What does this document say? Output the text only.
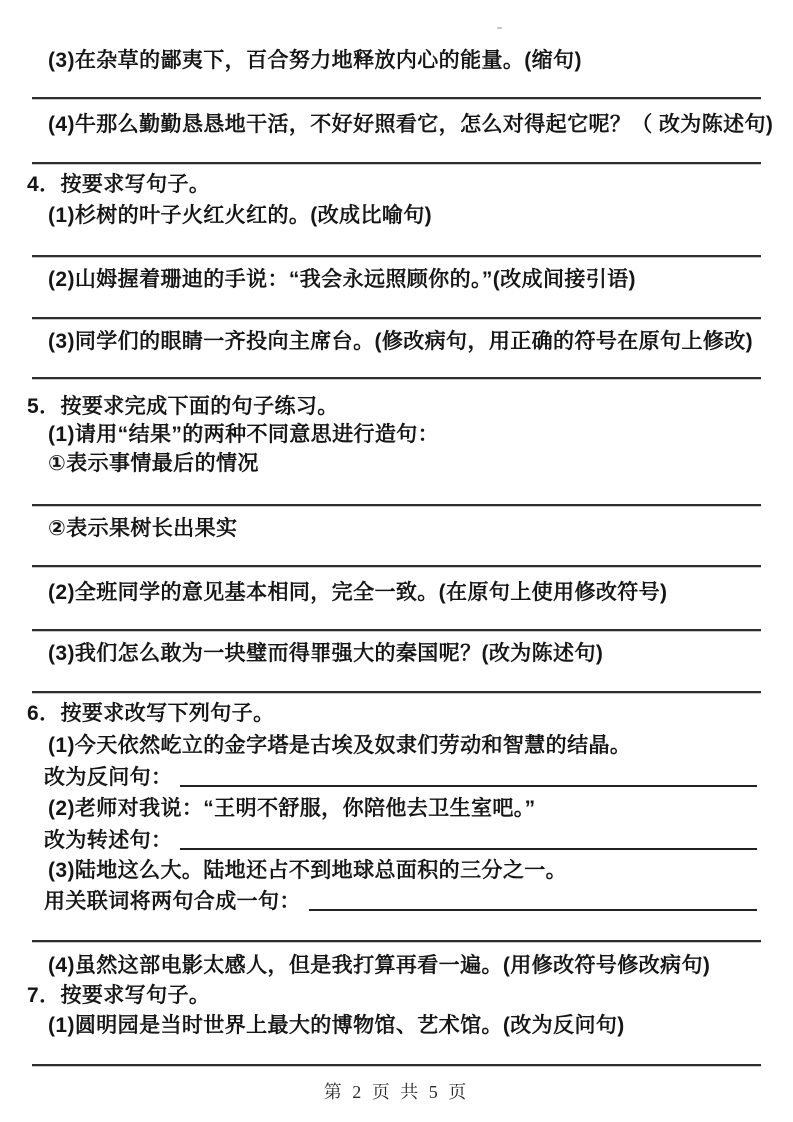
(3)在杂草的鄙夷下，百合努力地释放内心的能量。(缩句)
(4)牛那么勤勤恳恳地干活，不好好照看它，怎么对得起它呢？（ 改为陈述句)
4．按要求写句子。
(1)杉树的叶子火红火红的。(改成比喻句)
(2)山姆握着珊迪的手说：“我会永远照顾你的。”(改成间接引语)
(3)同学们的眼睛一齐投向主席台。(修改病句，用正确的符号在原句上修改)
5．按要求完成下面的句子练习。
(1)请用“结果”的两种不同意思进行造句：
①表示事情最后的情况
②表示果树长出果实
(2)全班同学的意见基本相同，完全一致。(在原句上使用修改符号)
(3)我们怎么敢为一块璧而得罪强大的秦国呢？(改为陈述句)
6．按要求改写下列句子。
(1)今天依然屹立的金字塔是古埃及奴隶们劳动和智慧的结晶。
改为反问句：
(2)老师对我说：“王明不舒服，你陪他去卫生室吧。”
改为转述句：
(3)陆地这么大。陆地还占不到地球总面积的三分之一。
用关联词将两句合成一句：
(4)虽然这部电影太感人，但是我打算再看一遍。(用修改符号修改病句)
7．按要求写句子。
(1)圆明园是当时世界上最大的博物馆、艺术馆。(改为反问句)
第 2 页 共 5 页
